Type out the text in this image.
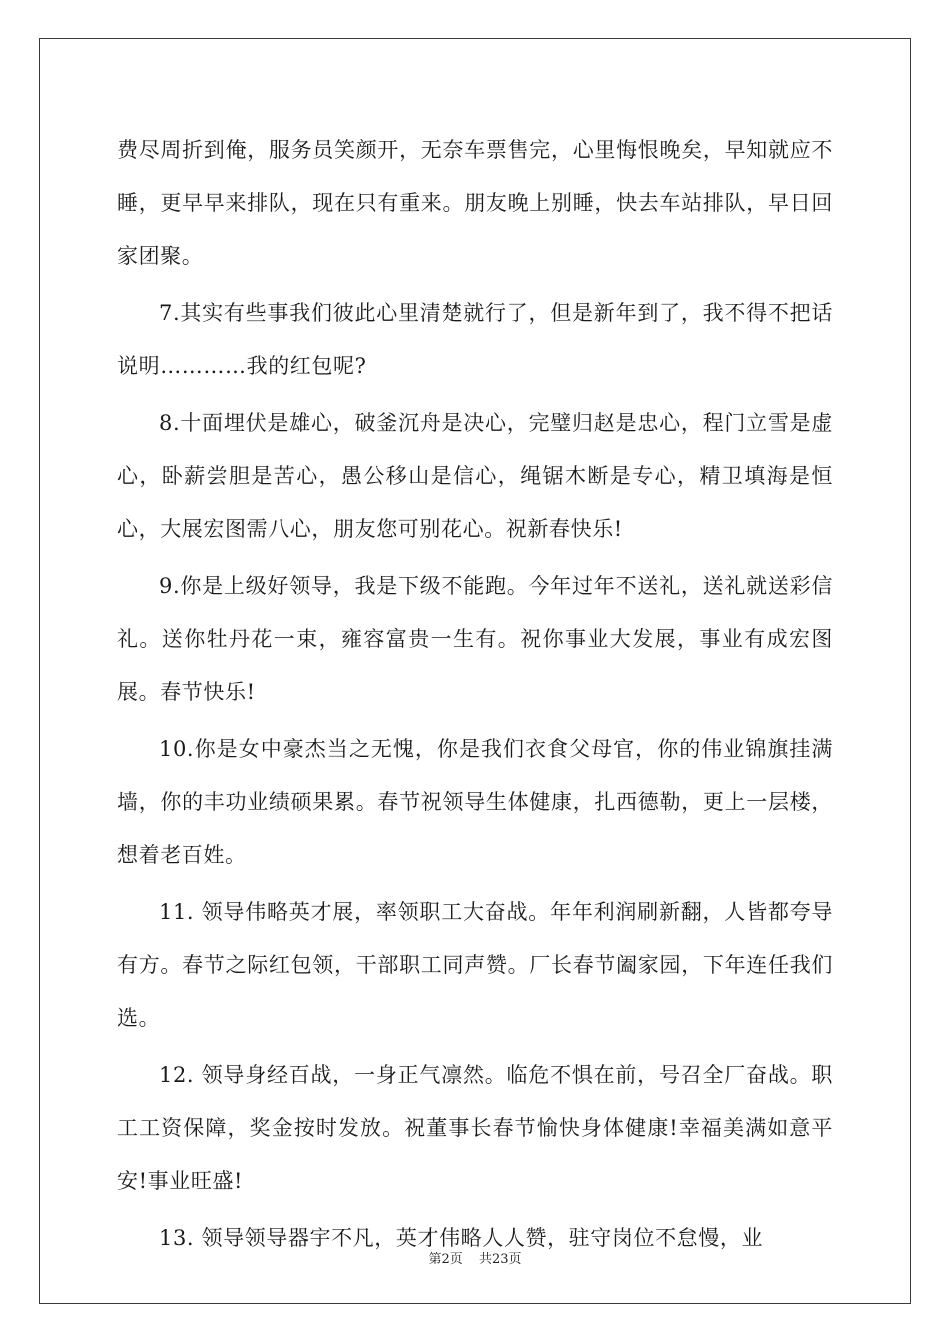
费尽周折到俺，服务员笑颜开，无奈车票售完，心里悔恨晚矣，早知就应不睡，更早早来排队，现在只有重来。朋友晚上别睡，快去车站排队，早日回家团聚。

7.其实有些事我们彼此心里清楚就行了，但是新年到了，我不得不把话说明…………我的红包呢?

8.十面埋伏是雄心，破釜沉舟是决心，完璧归赵是忠心，程门立雪是虚心，卧薪尝胆是苦心，愚公移山是信心，绳锯木断是专心，精卫填海是恒心，大展宏图需八心，朋友您可别花心。祝新春快乐!

9.你是上级好领导，我是下级不能跑。今年过年不送礼，送礼就送彩信礼。送你牡丹花一束，雍容富贵一生有。祝你事业大发展，事业有成宏图展。春节快乐!

10.你是女中豪杰当之无愧，你是我们衣食父母官，你的伟业锦旗挂满墙，你的丰功业绩硕果累。春节祝领导生体健康，扎西德勒，更上一层楼，想着老百姓。

11. 领导伟略英才展，率领职工大奋战。年年利润刷新翻，人皆都夸导有方。春节之际红包领，干部职工同声赞。厂长春节阖家园，下年连任我们选。

12. 领导身经百战，一身正气凛然。临危不惧在前，号召全厂奋战。职工工资保障，奖金按时发放。祝董事长春节愉快身体健康!幸福美满如意平安!事业旺盛!

13. 领导领导器宇不凡，英才伟略人人赞，驻守岗位不怠慢，业

第2页 共23页
